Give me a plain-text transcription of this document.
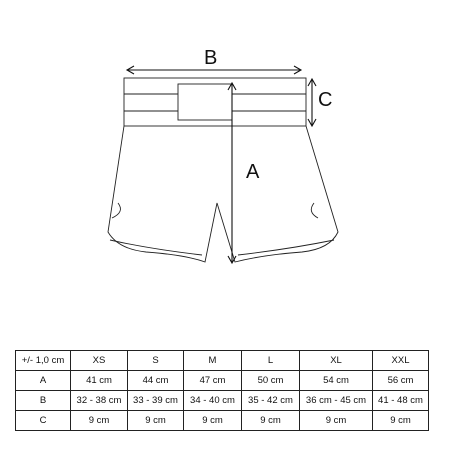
B
C
A
+/- 1,0 cm	XS	S	M	L	XL	XXL
A	41 cm	44 cm	47 cm	50 cm	54 cm	56 cm
B	32 - 38 cm	33 - 39 cm	34 - 40 cm	35 - 42 cm	36 cm - 45 cm	41 - 48 cm
C	9 cm	9 cm	9 cm	9 cm	9 cm	9 cm
